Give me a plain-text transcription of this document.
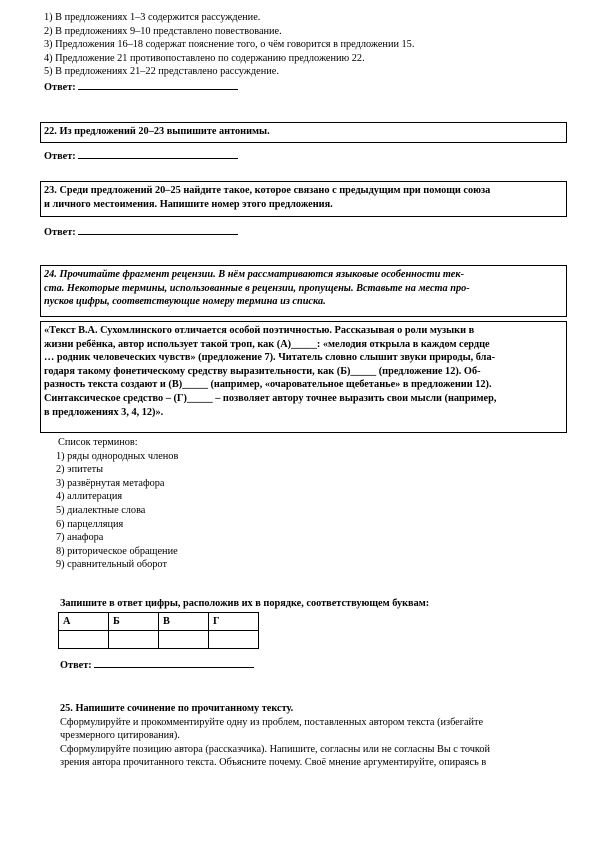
1) В предложениях 1–3 содержится рассуждение.
2) В предложениях 9–10 представлено повествование.
3) Предложения 16–18 содержат пояснение того, о чём говорится в предложении 15.
4) Предложение 21 противопоставлено по содержанию предложению 22.
5) В предложениях 21–22 представлено рассуждение.
Ответ:
22. Из предложений 20–23 выпишите антонимы.
Ответ:
23. Среди предложений 20–25 найдите такое, которое связано с предыдущим при помощи союза
и личного местоимения. Напишите номер этого предложения.
Ответ:
24. Прочитайте фрагмент рецензии. В нём рассматриваются языковые особенности тек-
ста. Некоторые термины, использованные в рецензии, пропущены. Вставьте на места про-
пусков цифры, соответствующие номеру термина из списка.
«Текст В.А. Сухомлинского отличается особой поэтичностью. Рассказывая о роли музыки в
жизни ребёнка, автор использует такой троп, как (А)_____: «мелодия открыла в каждом сердце
… родник человеческих чувств» (предложение 7). Читатель словно слышит звуки природы, бла-
годаря такому фонетическому средству выразительности, как (Б)_____ (предложение 12). Об-
разность текста создают и (В)_____ (например, «очаровательное щебетанье» в предложении 12).
Синтаксическое средство – (Г)_____ – позволяет автору точнее выразить свои мысли (например,
в предложениях 3, 4, 12)».
Список терминов:
1) ряды однородных членов
2) эпитеты
3) развёрнутая метафора
4) аллитерация
5) диалектные слова
6) парцелляция
7) анафора
8) риторическое обращение
9) сравнительный оборот
Запишите в ответ цифры, расположив их в порядке, соответствующем буквам:
А	Б	В	Г

Ответ:
25. Напишите сочинение по прочитанному тексту.
Сформулируйте и прокомментируйте одну из проблем, поставленных автором текста (избегайте
чрезмерного цитирования).
Сформулируйте позицию автора (рассказчика). Напишите, согласны или не согласны Вы с точкой
зрения автора прочитанного текста. Объясните почему. Своё мнение аргументируйте, опираясь в
